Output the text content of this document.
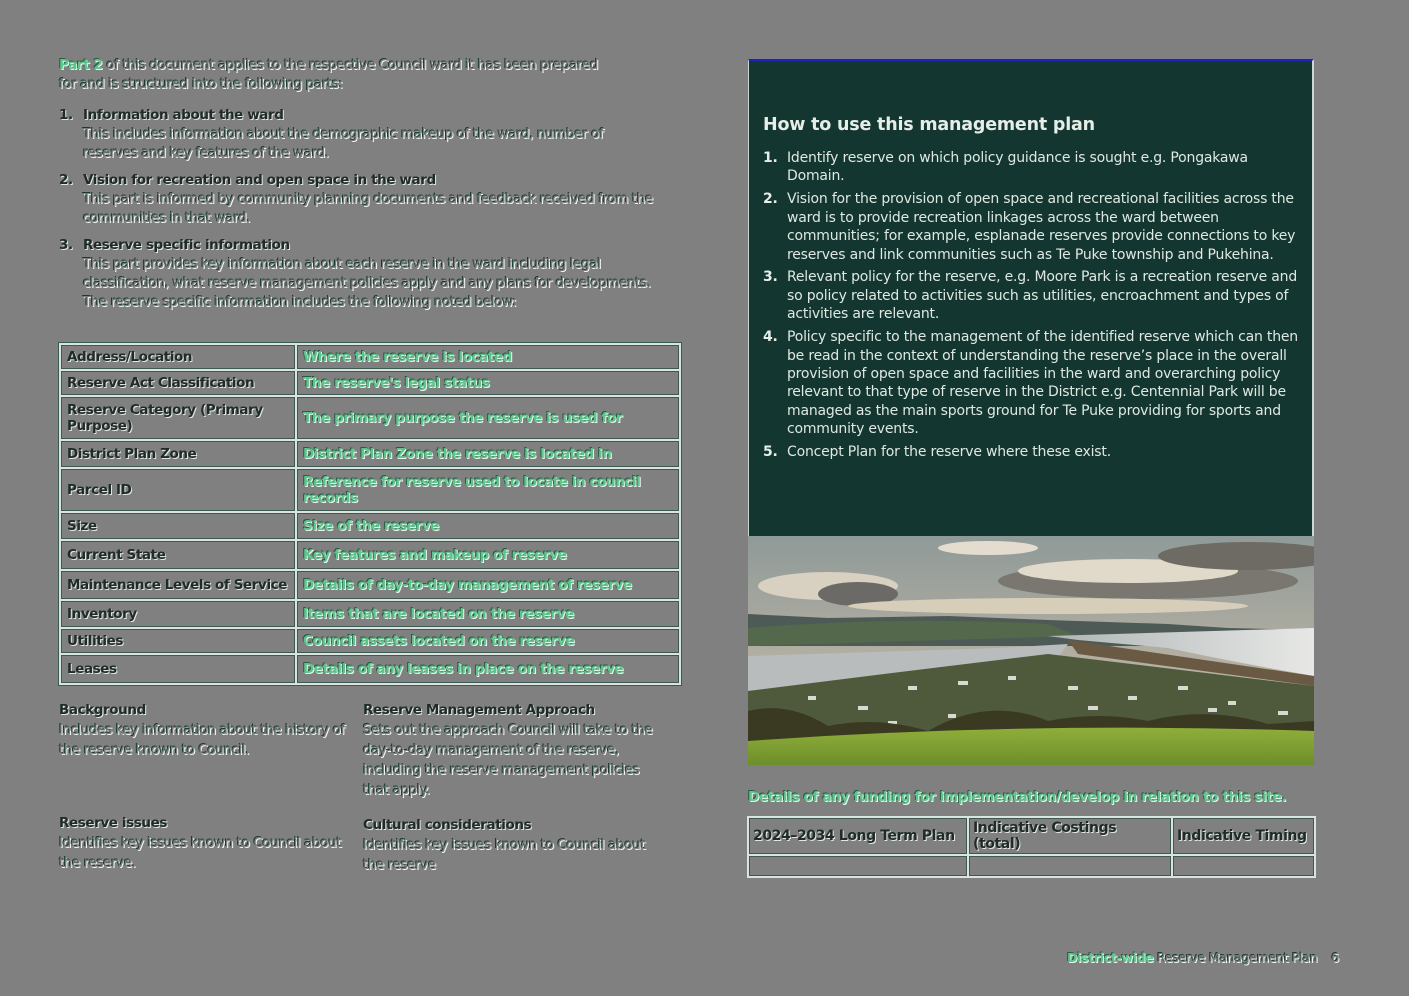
Part 2 of this document applies to the respective Council ward it has been prepared for and is structured into the following parts:

1. Information about the ward
This includes information about the demographic makeup of the ward, number of reserves and key features of the ward.
2. Vision for recreation and open space in the ward
This part is informed by community planning documents and feedback received from the communities in that ward.
3. Reserve specific information
This part provides key information about each reserve in the ward including legal classification, what reserve management policies apply and any plans for developments. The reserve specific information includes the following noted below:
Address/Location	Where the reserve is located
Reserve Act Classification	The reserve's legal status
Reserve Category (Primary Purpose)	The primary purpose the reserve is used for
District Plan Zone	District Plan Zone the reserve is located in
Parcel ID	Reference for reserve used to locate in council records
Size	Size of the reserve
Current State	Key features and makeup of reserve
Maintenance Levels of Service	Details of day-to-day management of reserve
Inventory	Items that are located on the reserve
Utilities	Council assets located on the reserve
Leases	Details of any leases in place on the reserve
Background
Includes key information about the history of the reserve known to Council.
Reserve Management Approach
Sets out the approach Council will take to the day-to-day management of the reserve, including the reserve management policies that apply.
Reserve issues
Identifies key issues known to Council about the reserve.
Cultural considerations
Identifies key issues known to Council about the reserve
How to use this management plan
1. Identify reserve on which policy guidance is sought e.g. Pongakawa Domain.
2. Vision for the provision of open space and recreational facilities across the ward is to provide recreation linkages across the ward between communities; for example, esplanade reserves provide connections to key reserves and link communities such as Te Puke township and Pukehina.
3. Relevant policy for the reserve, e.g. Moore Park is a recreation reserve and so policy related to activities such as utilities, encroachment and types of activities are relevant.
4. Policy specific to the management of the identified reserve which can then be read in the context of understanding the reserve’s place in the overall provision of open space and facilities in the ward and overarching policy relevant to that type of reserve in the District e.g. Centennial Park will be managed as the main sports ground for Te Puke providing for sports and community events.
5. Concept Plan for the reserve where these exist.
Details of any funding for implementation/develop in relation to this site.
2024–2034 Long Term Plan	Indicative Costings (total)	Indicative Timing

District-wide Reserve Management Plan 6
